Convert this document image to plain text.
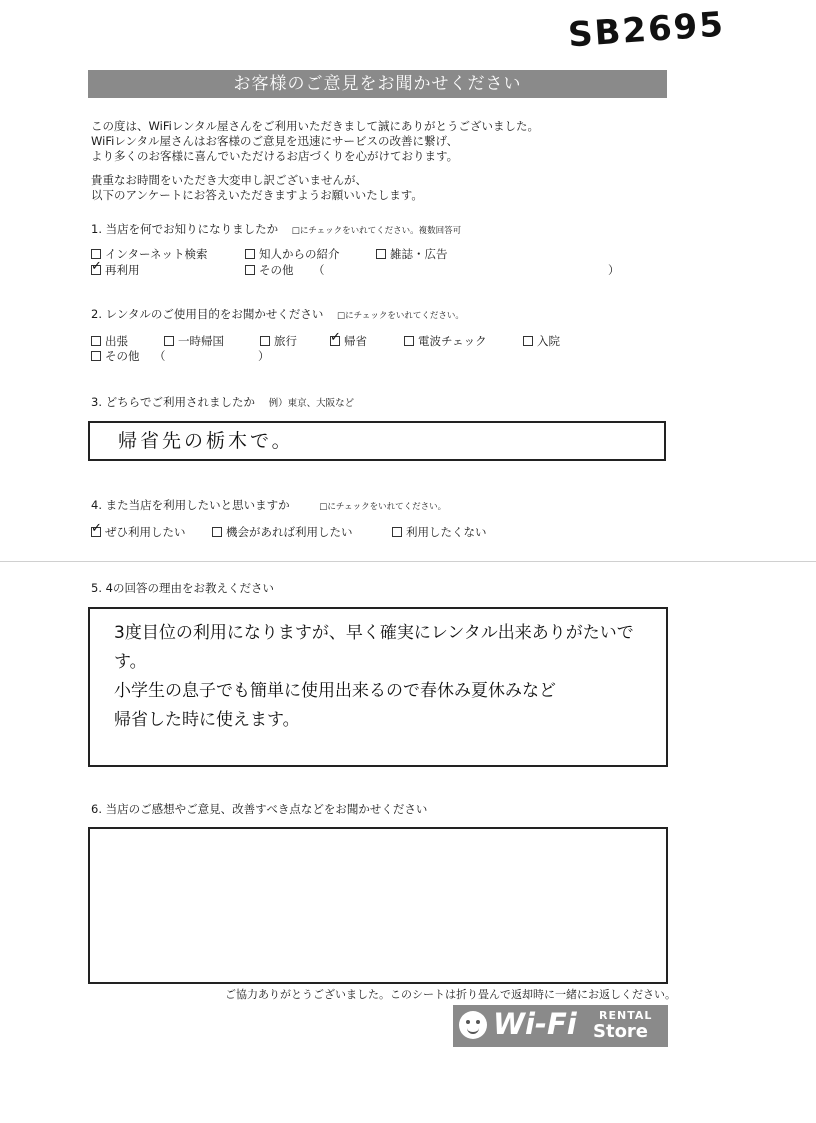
SB2695
お客様のご意見をお聞かせください
この度は、WiFiレンタル屋さんをご利用いただきまして誠にありがとうございました。
WiFiレンタル屋さんはお客様のご意見を迅速にサービスの改善に繋げ、
より多くのお客様に喜んでいただけるお店づくりを心がけております。
貴重なお時間をいただき大変申し訳ございませんが、
以下のアンケートにお答えいただきますようお願いいたします。
1. 当店を何でお知りになりましたか □にチェックをいれてください。複数回答可
インターネット検索	知人からの紹介	雑誌・広告
✓再利用	その他 （	）
2. レンタルのご使用目的をお聞かせください □にチェックをいれてください。
出張	一時帰国	旅行
✓	帰省	電波チェック	入院
その他 （	）
3. どちらでご利用されましたか 例）東京、大阪など
帰省先の栃木で。
4. また当店を利用したいと思いますか	□にチェックをいれてください。
✓ぜひ利用したい	機会があれば利用したい	利用したくない
5. 4の回答の理由をお教えください
3度目位の利用になりますが、早く確実にレンタル出来ありがたいです。
小学生の息子でも簡単に使用出来るので春休み夏休みなど
帰省した時に使えます。
6. 当店のご感想やご意見、改善すべき点などをお聞かせください
ご協力ありがとうございました。このシートは折り畳んで返却時に一緒にお返しください。
Wi-Fi RENTAL
Store
